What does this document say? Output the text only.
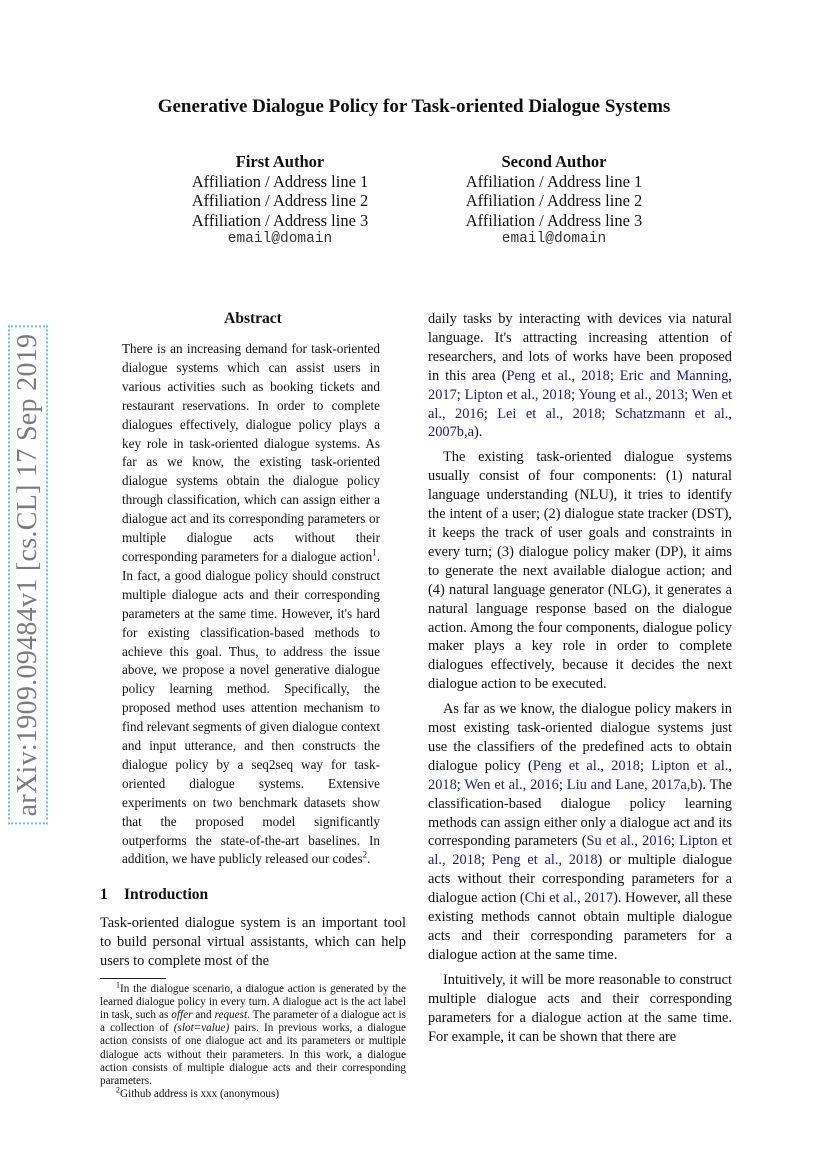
arXiv:1909.09484v1 [cs.CL] 17 Sep 2019
Generative Dialogue Policy for Task-oriented Dialogue Systems
First Author
Affiliation / Address line 1
Affiliation / Address line 2
Affiliation / Address line 3
email@domain
Second Author
Affiliation / Address line 1
Affiliation / Address line 2
Affiliation / Address line 3
email@domain
Abstract

There is an increasing demand for task-oriented dialogue systems which can assist users in various activities such as booking tickets and restaurant reservations. In order to complete dialogues effectively, dialogue policy plays a key role in task-oriented dialogue systems. As far as we know, the existing task-oriented dialogue systems obtain the dialogue policy through classification, which can assign either a dialogue act and its corresponding parameters or multiple dialogue acts without their corresponding parameters for a dialogue action$^1$. In fact, a good dialogue policy should construct multiple dialogue acts and their corresponding parameters at the same time. However, it's hard for existing classification-based methods to achieve this goal. Thus, to address the issue above, we propose a novel generative dialogue policy learning method. Specifically, the proposed method uses attention mechanism to find relevant segments of given dialogue context and input utterance, and then constructs the dialogue policy by a seq2seq way for task-oriented dialogue systems. Extensive experiments on two benchmark datasets show that the proposed model significantly outperforms the state-of-the-art baselines. In addition, we have publicly released our codes$^2$.

1 Introduction

Task-oriented dialogue system is an important tool to build personal virtual assistants, which can help users to complete most of the

$^1$In the dialogue scenario, a dialogue action is generated by the learned dialogue policy in every turn. A dialogue act is the act label in task, such as offer and request. The parameter of a dialogue act is a collection of (slot=value) pairs. In previous works, a dialogue action consists of one dialogue act and its parameters or multiple dialogue acts without their parameters. In this work, a dialogue action consists of multiple dialogue acts and their corresponding parameters.

$^2$Github address is xxx (anonymous)

daily tasks by interacting with devices via natural language. It's attracting increasing attention of researchers, and lots of works have been proposed in this area (Peng et al., 2018; Eric and Manning, 2017; Lipton et al., 2018; Young et al., 2013; Wen et al., 2016; Lei et al., 2018; Schatzmann et al., 2007b,a).

The existing task-oriented dialogue systems usually consist of four components: (1) natural language understanding (NLU), it tries to identify the intent of a user; (2) dialogue state tracker (DST), it keeps the track of user goals and constraints in every turn; (3) dialogue policy maker (DP), it aims to generate the next available dialogue action; and (4) natural language generator (NLG), it generates a natural language response based on the dialogue action. Among the four components, dialogue policy maker plays a key role in order to complete dialogues effectively, because it decides the next dialogue action to be executed.

As far as we know, the dialogue policy makers in most existing task-oriented dialogue systems just use the classifiers of the predefined acts to obtain dialogue policy (Peng et al., 2018; Lipton et al., 2018; Wen et al., 2016; Liu and Lane, 2017a,b). The classification-based dialogue policy learning methods can assign either only a dialogue act and its corresponding parameters (Su et al., 2016; Lipton et al., 2018; Peng et al., 2018) or multiple dialogue acts without their corresponding parameters for a dialogue action (Chi et al., 2017). However, all these existing methods cannot obtain multiple dialogue acts and their corresponding parameters for a dialogue action at the same time.

Intuitively, it will be more reasonable to construct multiple dialogue acts and their corresponding parameters for a dialogue action at the same time. For example, it can be shown that there are
